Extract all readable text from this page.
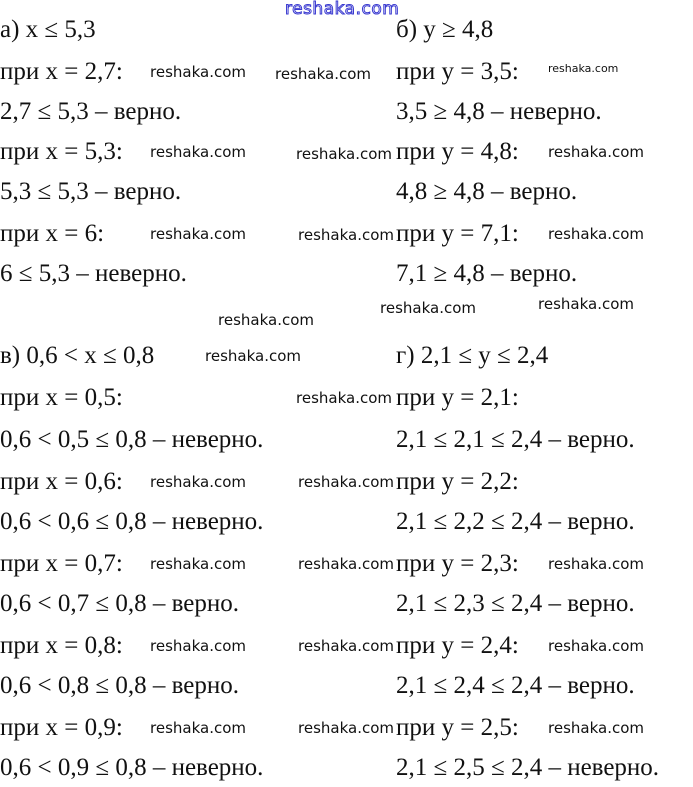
reshaka.com
а) x ≤ 5,3
при x = 2,7:
2,7 ≤ 5,3 – верно.
при x = 5,3:
5,3 ≤ 5,3 – верно.
при x = 6:
6 ≤ 5,3 – неверно.
б) y ≥ 4,8
при y = 3,5:
3,5 ≥ 4,8 – неверно.
при y = 4,8:
4,8 ≥ 4,8 – верно.
при y = 7,1:
7,1 ≥ 4,8 – верно.
в) 0,6 < x ≤ 0,8
при x = 0,5:
0,6 < 0,5 ≤ 0,8 – неверно.
при x = 0,6:
0,6 < 0,6 ≤ 0,8 – неверно.
при x = 0,7:
0,6 < 0,7 ≤ 0,8 – верно.
при x = 0,8:
0,6 < 0,8 ≤ 0,8 – верно.
при x = 0,9:
0,6 < 0,9 ≤ 0,8 – неверно.
г) 2,1 ≤ y ≤ 2,4
при y = 2,1:
2,1 ≤ 2,1 ≤ 2,4 – верно.
при y = 2,2:
2,1 ≤ 2,2 ≤ 2,4 – верно.
при y = 2,3:
2,1 ≤ 2,3 ≤ 2,4 – верно.
при y = 2,4:
2,1 ≤ 2,4 ≤ 2,4 – верно.
при y = 2,5:
2,1 ≤ 2,5 ≤ 2,4 – неверно.
reshaka.com reshaka.com	reshaka.com
reshaka.com
reshaka.com	reshaka.com
reshaka.com
reshaka.com	reshaka.com
reshaka.com
reshaka.com
reshaka.com
reshaka.com
reshaka.com
reshaka.com	reshaka.com
reshaka.com	reshaka.com	reshaka.com
reshaka.com	reshaka.com	reshaka.com
reshaka.com	reshaka.com	reshaka.com
